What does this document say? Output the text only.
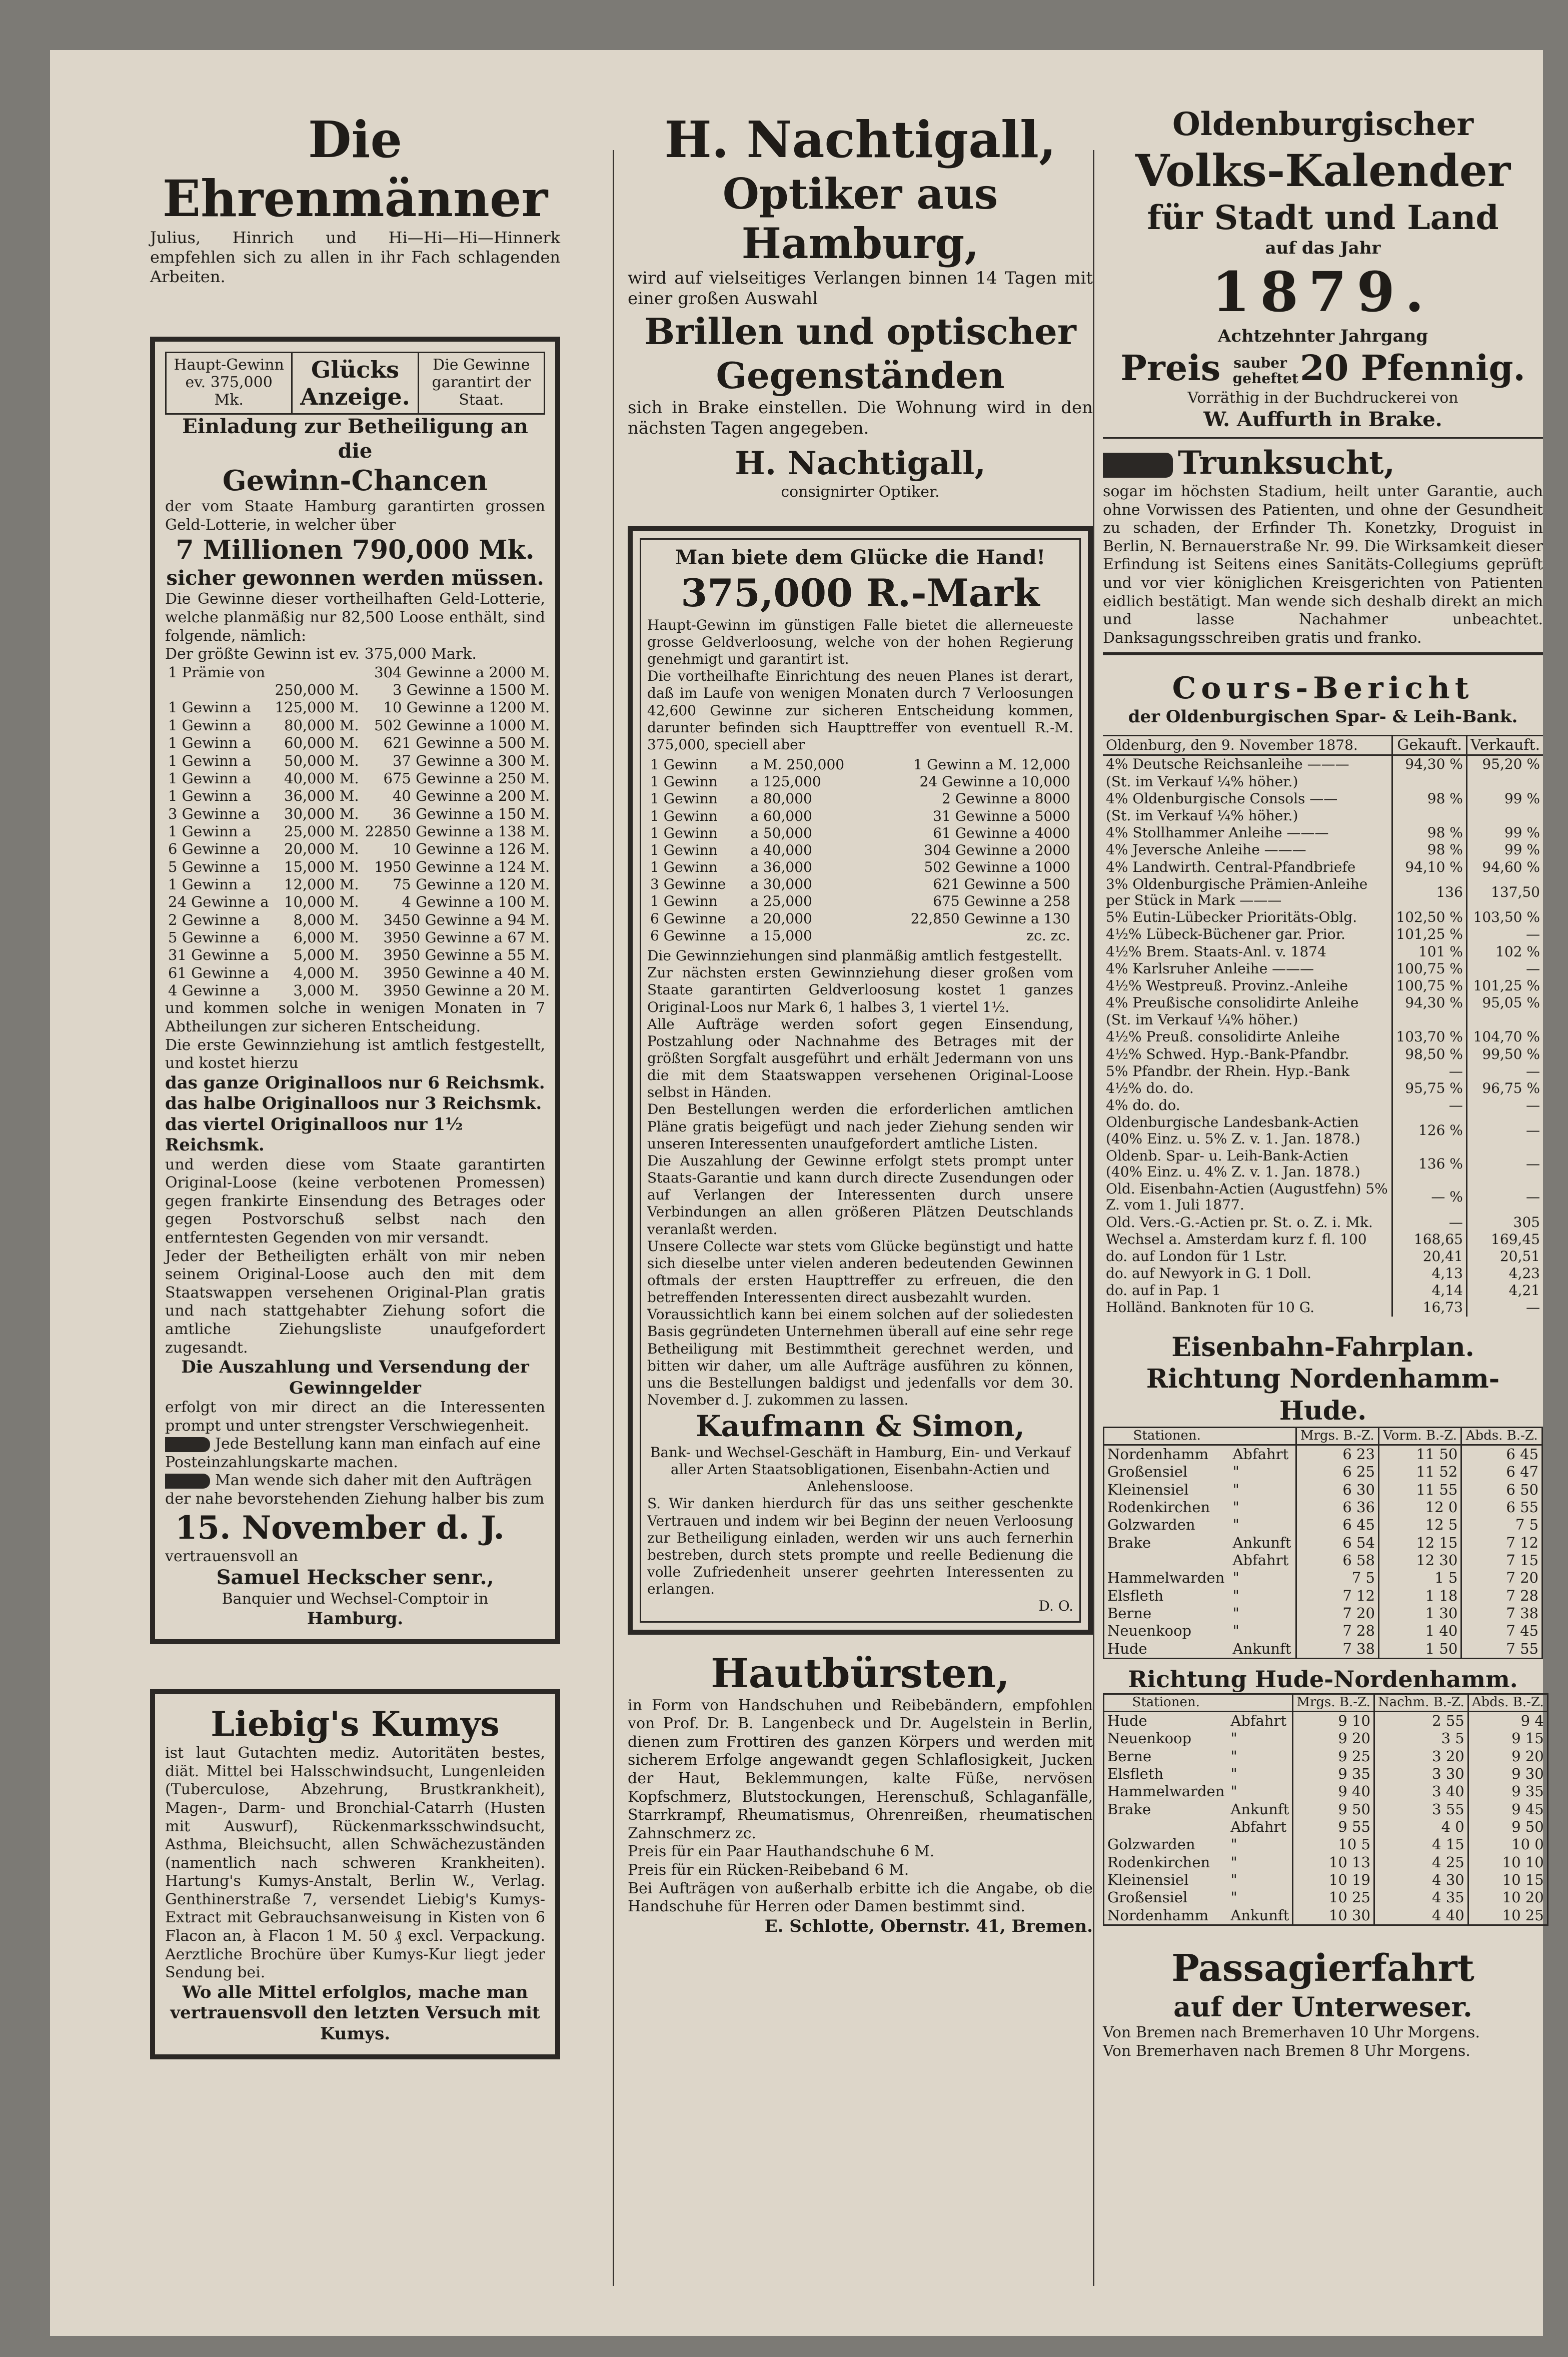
Die Ehrenmänner

Julius, Hinrich und Hi—Hi—Hi—Hinnerk empfehlen sich zu allen in ihr Fach schlagenden Arbeiten.

Haupt-Gewinn ev. 375,000 Mk.
Glücks Anzeige.
Die Gewinne garantirt der Staat.

Einladung zur Betheiligung an die

Gewinn-Chancen

der vom Staate Hamburg garantirten grossen Geld-Lotterie, in welcher über

7 Millionen 790,000 Mk.

sicher gewonnen werden müssen.

Die Gewinne dieser vortheilhaften Geld-Lotterie, welche planmäßig nur 82,500 Loose enthält, sind folgende, nämlich:

Der größte Gewinn ist ev. 375,000 Mark.

1 Prämie von		304 Gewinne a 2000 M.
	250,000 M.	3 Gewinne a 1500 M.
1 Gewinn a	125,000 M.	10 Gewinne a 1200 M.
1 Gewinn a	80,000 M.	502 Gewinne a 1000 M.
1 Gewinn a	60,000 M.	621 Gewinne a 500 M.
1 Gewinn a	50,000 M.	37 Gewinne a 300 M.
1 Gewinn a	40,000 M.	675 Gewinne a 250 M.
1 Gewinn a	36,000 M.	40 Gewinne a 200 M.
3 Gewinne a	30,000 M.	36 Gewinne a 150 M.
1 Gewinn a	25,000 M.	22850 Gewinne a 138 M.
6 Gewinne a	20,000 M.	10 Gewinne a 126 M.
5 Gewinne a	15,000 M.	1950 Gewinne a 124 M.
1 Gewinn a	12,000 M.	75 Gewinne a 120 M.
24 Gewinne a	10,000 M.	4 Gewinne a 100 M.
2 Gewinne a	8,000 M.	3450 Gewinne a 94 M.
5 Gewinne a	6,000 M.	3950 Gewinne a 67 M.
31 Gewinne a	5,000 M.	3950 Gewinne a 55 M.
61 Gewinne a	4,000 M.	3950 Gewinne a 40 M.
4 Gewinne a	3,000 M.	3950 Gewinne a 20 M.

und kommen solche in wenigen Monaten in 7 Abtheilungen zur sicheren Entscheidung.

Die erste Gewinnziehung ist amtlich festgestellt, und kostet hierzu

das ganze Originalloos nur 6 Reichsmk.

das halbe Originalloos nur 3 Reichsmk.

das viertel Originalloos nur 1½ Reichsmk.

und werden diese vom Staate garantirten Original-Loose (keine verbotenen Promessen) gegen frankirte Einsendung des Betrages oder gegen Postvorschuß selbst nach den entferntesten Gegenden von mir versandt.

Jeder der Betheiligten erhält von mir neben seinem Original-Loose auch den mit dem Staatswappen versehenen Original-Plan gratis und nach stattgehabter Ziehung sofort die amtliche Ziehungsliste unaufgefordert zugesandt.

Die Auszahlung und Versendung der Gewinngelder

erfolgt von mir direct an die Interessenten prompt und unter strengster Verschwiegenheit.

Jede Bestellung kann man einfach auf eine Posteinzahlungskarte machen.

Man wende sich daher mit den Aufträgen der nahe bevorstehenden Ziehung halber bis zum

15. November d. J.

vertrauensvoll an

Samuel Heckscher senr.,

Banquier und Wechsel-Comptoir in

Hamburg.

Liebig's Kumys

ist laut Gutachten mediz. Autoritäten bestes, diät. Mittel bei Halsschwindsucht, Lungenleiden (Tuberculose, Abzehrung, Brustkrankheit), Magen-, Darm- und Bronchial-Catarrh (Husten mit Auswurf), Rückenmarksschwindsucht, Asthma, Bleichsucht, allen Schwächezuständen (namentlich nach schweren Krankheiten). Hartung's Kumys-Anstalt, Berlin W., Verlag. Genthinerstraße 7, versendet Liebig's Kumys-Extract mit Gebrauchsanweisung in Kisten von 6 Flacon an, à Flacon 1 M. 50 ₰ excl. Verpackung. Aerztliche Brochüre über Kumys-Kur liegt jeder Sendung bei.

Wo alle Mittel erfolglos, mache man vertrauensvoll den letzten Versuch mit Kumys.

H. Nachtigall,
Optiker aus Hamburg,

wird auf vielseitiges Verlangen binnen 14 Tagen mit einer großen Auswahl

Brillen und optischer Gegenständen

sich in Brake einstellen. Die Wohnung wird in den nächsten Tagen angegeben.

H. Nachtigall,

consignirter Optiker.

Man biete dem Glücke die Hand!

375,000 R.-Mark

Haupt-Gewinn im günstigen Falle bietet die allerneueste grosse Geldverloosung, welche von der hohen Regierung genehmigt und garantirt ist.

Die vortheilhafte Einrichtung des neuen Planes ist derart, daß im Laufe von wenigen Monaten durch 7 Verloosungen 42,600 Gewinne zur sicheren Entscheidung kommen, darunter befinden sich Haupttreffer von eventuell R.-M. 375,000, speciell aber

1 Gewinn	a M. 250,000	1 Gewinn a M. 12,000
1 Gewinn	a 125,000	24 Gewinne a 10,000
1 Gewinn	a 80,000	2 Gewinne a 8000
1 Gewinn	a 60,000	31 Gewinne a 5000
1 Gewinn	a 50,000	61 Gewinne a 4000
1 Gewinn	a 40,000	304 Gewinne a 2000
1 Gewinn	a 36,000	502 Gewinne a 1000
3 Gewinne	a 30,000	621 Gewinne a 500
1 Gewinn	a 25,000	675 Gewinne a 258
6 Gewinne	a 20,000	22,850 Gewinne a 130
6 Gewinne	a 15,000	zc. zc.

Die Gewinnziehungen sind planmäßig amtlich festgestellt.

Zur nächsten ersten Gewinnziehung dieser großen vom Staate garantirten Geldverloosung kostet 1 ganzes Original-Loos nur Mark 6, 1 halbes 3, 1 viertel 1½.

Alle Aufträge werden sofort gegen Einsendung, Postzahlung oder Nachnahme des Betrages mit der größten Sorgfalt ausgeführt und erhält Jedermann von uns die mit dem Staatswappen versehenen Original-Loose selbst in Händen.

Den Bestellungen werden die erforderlichen amtlichen Pläne gratis beigefügt und nach jeder Ziehung senden wir unseren Interessenten unaufgefordert amtliche Listen.

Die Auszahlung der Gewinne erfolgt stets prompt unter Staats-Garantie und kann durch directe Zusendungen oder auf Verlangen der Interessenten durch unsere Verbindungen an allen größeren Plätzen Deutschlands veranlaßt werden.

Unsere Collecte war stets vom Glücke begünstigt und hatte sich dieselbe unter vielen anderen bedeutenden Gewinnen oftmals der ersten Haupttreffer zu erfreuen, die den betreffenden Interessenten direct ausbezahlt wurden.

Voraussichtlich kann bei einem solchen auf der soliedesten Basis gegründeten Unternehmen überall auf eine sehr rege Betheiligung mit Bestimmtheit gerechnet werden, und bitten wir daher, um alle Aufträge ausführen zu können, uns die Bestellungen baldigst und jedenfalls vor dem 30. November d. J. zukommen zu lassen.

Kaufmann & Simon,

Bank- und Wechsel-Geschäft in Hamburg, Ein- und Verkauf aller Arten Staatsobligationen, Eisenbahn-Actien und Anlehensloose.

S. Wir danken hierdurch für das uns seither geschenkte Vertrauen und indem wir bei Beginn der neuen Verloosung zur Betheiligung einladen, werden wir uns auch fernerhin bestreben, durch stets prompte und reelle Bedienung die volle Zufriedenheit unserer geehrten Interessenten zu erlangen.

D. O.

Hautbürsten,

in Form von Handschuhen und Reibebändern, empfohlen von Prof. Dr. B. Langenbeck und Dr. Augelstein in Berlin, dienen zum Frottiren des ganzen Körpers und werden mit sicherem Erfolge angewandt gegen Schlaflosigkeit, Jucken der Haut, Beklemmungen, kalte Füße, nervösen Kopfschmerz, Blutstockungen, Herenschuß, Schlaganfälle, Starrkrampf, Rheumatismus, Ohrenreißen, rheumatischen Zahnschmerz zc.

Preis für ein Paar Hauthandschuhe 6 M.

Preis für ein Rücken-Reibeband 6 M.

Bei Aufträgen von außerhalb erbitte ich die Angabe, ob die Handschuhe für Herren oder Damen bestimmt sind.

E. Schlotte, Obernstr. 41, Bremen.

Oldenburgischer

Volks-Kalender

für Stadt und Land

auf das Jahr

1879.

Achtzehnter Jahrgang

Preis sauber geheftet 20 Pfennig.

Vorräthig in der Buchdruckerei von

W. Auffurth in Brake.

Trunksucht,

sogar im höchsten Stadium, heilt unter Garantie, auch ohne Vorwissen des Patienten, und ohne der Gesundheit zu schaden, der Erfinder Th. Konetzky, Droguist in Berlin, N. Bernauerstraße Nr. 99. Die Wirksamkeit dieser Erfindung ist Seitens eines Sanitäts-Collegiums geprüft und vor vier königlichen Kreisgerichten von Patienten eidlich bestätigt. Man wende sich deshalb direkt an mich und lasse Nachahmer unbeachtet. Danksagungsschreiben gratis und franko.

Cours-Bericht

der Oldenburgischen Spar- & Leih-Bank.

Oldenburg, den 9. November 1878.	Gekauft.	Verkauft.
4% Deutsche Reichsanleihe ———	94,30 %	95,20 %
(St. im Verkauf ¼% höher.)		
4% Oldenburgische Consols ——	98 %	99 %
(St. im Verkauf ¼% höher.)		
4% Stollhammer Anleihe ———	98 %	99 %
4% Jeversche Anleihe ———	98 %	99 %
4% Landwirth. Central-Pfandbriefe	94,10 %	94,60 %
3% Oldenburgische Prämien-Anleihe per Stück in Mark ———	136	137,50
5% Eutin-Lübecker Prioritäts-Oblg.	102,50 %	103,50 %
4½% Lübeck-Büchener gar. Prior.	101,25 %	—
4½% Brem. Staats-Anl. v. 1874	101 %	102 %
4% Karlsruher Anleihe ———	100,75 %	—
4½% Westpreuß. Provinz.-Anleihe	100,75 %	101,25 %
4% Preußische consolidirte Anleihe	94,30 %	95,05 %
(St. im Verkauf ¼% höher.)		
4½% Preuß. consolidirte Anleihe	103,70 %	104,70 %
4½% Schwed. Hyp.-Bank-Pfandbr.	98,50 %	99,50 %
5% Pfandbr. der Rhein. Hyp.-Bank	—	—
4½% do. do.	95,75 %	96,75 %
4% do. do.	—	—
Oldenburgische Landesbank-Actien (40% Einz. u. 5% Z. v. 1. Jan. 1878.)	126 %	—
Oldenb. Spar- u. Leih-Bank-Actien (40% Einz. u. 4% Z. v. 1. Jan. 1878.)	136 %	—
Old. Eisenbahn-Actien (Augustfehn) 5% Z. vom 1. Juli 1877.	— %	—
Old. Vers.-G.-Actien pr. St. o. Z. i. Mk.	—	305
Wechsel a. Amsterdam kurz f. fl. 100	168,65	169,45
do. auf London für 1 Lstr.	20,41	20,51
do. auf Newyork in G. 1 Doll.	4,13	4,23
do. auf in Pap. 1	4,14	4,21
Holländ. Banknoten für 10 G.	16,73	—

Eisenbahn-Fahrplan.

Richtung Nordenhamm-Hude.

Stationen.		Mrgs. B.-Z.	Vorm. B.-Z.	Abds. B.-Z.
Nordenhamm	Abfahrt	6 23	11 50	6 45
Großensiel	"	6 25	11 52	6 47
Kleinensiel	"	6 30	11 55	6 50
Rodenkirchen	"	6 36	12 0	6 55
Golzwarden	"	6 45	12 5	7 5
Brake	Ankunft	6 54	12 15	7 12
	Abfahrt	6 58	12 30	7 15
Hammelwarden	"	7 5	1 5	7 20
Elsfleth	"	7 12	1 18	7 28
Berne	"	7 20	1 30	7 38
Neuenkoop	"	7 28	1 40	7 45
Hude	Ankunft	7 38	1 50	7 55

Richtung Hude-Nordenhamm.

Stationen.		Mrgs. B.-Z.	Nachm. B.-Z.	Abds. B.-Z.
Hude	Abfahrt	9 10	2 55	9 4
Neuenkoop	"	9 20	3 5	9 15
Berne	"	9 25	3 20	9 20
Elsfleth	"	9 35	3 30	9 30
Hammelwarden	"	9 40	3 40	9 35
Brake	Ankunft	9 50	3 55	9 45
	Abfahrt	9 55	4 0	9 50
Golzwarden	"	10 5	4 15	10 0
Rodenkirchen	"	10 13	4 25	10 10
Kleinensiel	"	10 19	4 30	10 15
Großensiel	"	10 25	4 35	10 20
Nordenhamm	Ankunft	10 30	4 40	10 25

Passagierfahrt

auf der Unterweser.

Von Bremen nach Bremerhaven 10 Uhr Morgens.

Von Bremerhaven nach Bremen 8 Uhr Morgens.
